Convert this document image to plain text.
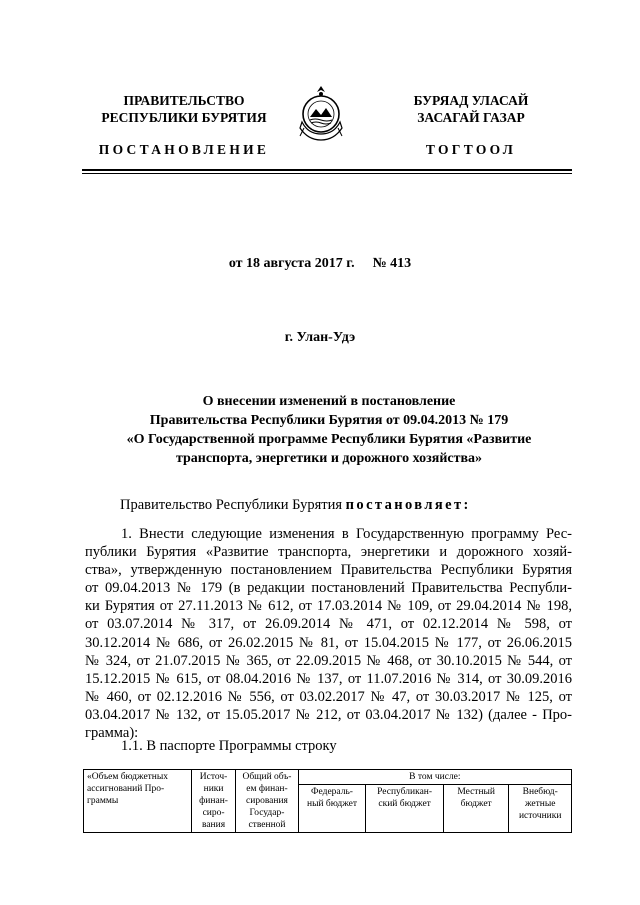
ПРАВИТЕЛЬСТВО
РЕСПУБЛИКИ БУРЯТИЯ
БУРЯАД УЛАСАЙ
ЗАСАГАЙ ГАЗАР
ПОСТАНОВЛЕНИЕ	ТОГТООЛ
от 18 августа 2017 г. № 413
г. Улан-Удэ
О внесении изменений в постановление
Правительства Республики Бурятия от 09.04.2013 № 179
«О Государственной программе Республики Бурятия «Развитие
транспорта, энергетики и дорожного хозяйства»
Правительство Республики Бурятия постановляет:
1. Внести следующие изменения в Государственную программу Рес-
публики Бурятия «Развитие транспорта, энергетики и дорожного хозяй-
ства», утвержденную постановлением Правительства Республики Бурятия
от 09.04.2013 № 179 (в редакции постановлений Правительства Республи-
ки Бурятия от 27.11.2013 № 612, от 17.03.2014 № 109, от 29.04.2014 № 198,
от 03.07.2014 № 317, от 26.09.2014 № 471, от 02.12.2014 № 598, от
30.12.2014 № 686, от 26.02.2015 № 81, от 15.04.2015 № 177, от 26.06.2015
№ 324, от 21.07.2015 № 365, от 22.09.2015 № 468, от 30.10.2015 № 544, от
15.12.2015 № 615, от 08.04.2016 № 137, от 11.07.2016 № 314, от 30.09.2016
№ 460, от 02.12.2016 № 556, от 03.02.2017 № 47, от 30.03.2017 № 125, от
03.04.2017 № 132, от 15.05.2017 № 212, от 03.04.2017 № 132) (далее - Про-
грамма):
1.1. В паспорте Программы строку
«Объем бюджетных ассигнований Про- граммы	Источ- ники финан- сиро- вания	Общий объ- ем финан- сирования Государ- ственной	В том числе:			
			Федераль- ный бюджет	Республикан- ский бюджет	Местный бюджет	Внебюд- жетные источники
